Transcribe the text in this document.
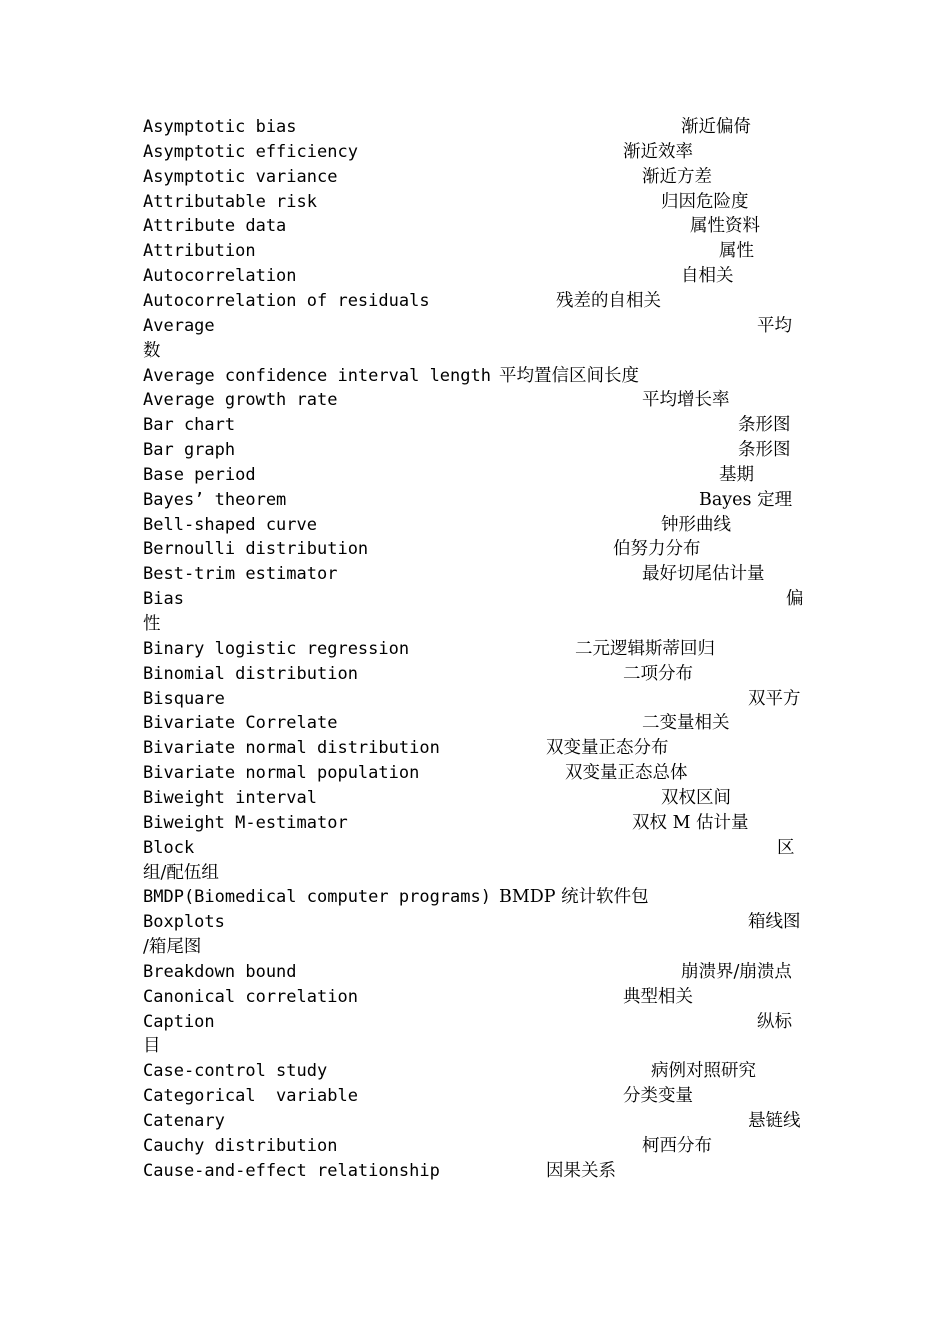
Asymptotic bias	渐近偏倚
Asymptotic efficiency	渐近效率
Asymptotic variance	渐近方差
Attributable risk	归因危险度
Attribute data	属性资料
Attribution	属性
Autocorrelation	自相关
Autocorrelation of residuals	残差的自相关
Average	平均
数
Average confidence interval length 平均置信区间长度
Average growth rate	平均增长率
Bar chart	条形图
Bar graph	条形图
Base period	基期
Bayes’ theorem	Bayes 定理
Bell-shaped curve	钟形曲线
Bernoulli distribution	伯努力分布
Best-trim estimator	最好切尾估计量
Bias	偏
性
Binary logistic regression	二元逻辑斯蒂回归
Binomial distribution	二项分布
Bisquare	双平方
Bivariate Correlate	二变量相关
Bivariate normal distribution	双变量正态分布
Bivariate normal population	双变量正态总体
Biweight interval	双权区间
Biweight M-estimator	双权 M 估计量
Block	区
组/配伍组
BMDP(Biomedical computer programs) BMDP 统计软件包
Boxplots	箱线图
/箱尾图
Breakdown bound	崩溃界/崩溃点
Canonical correlation	典型相关
Caption	纵标
目
Case-control study	病例对照研究
Categorical  variable	分类变量
Catenary	悬链线
Cauchy distribution	柯西分布
Cause-and-effect relationship	因果关系
